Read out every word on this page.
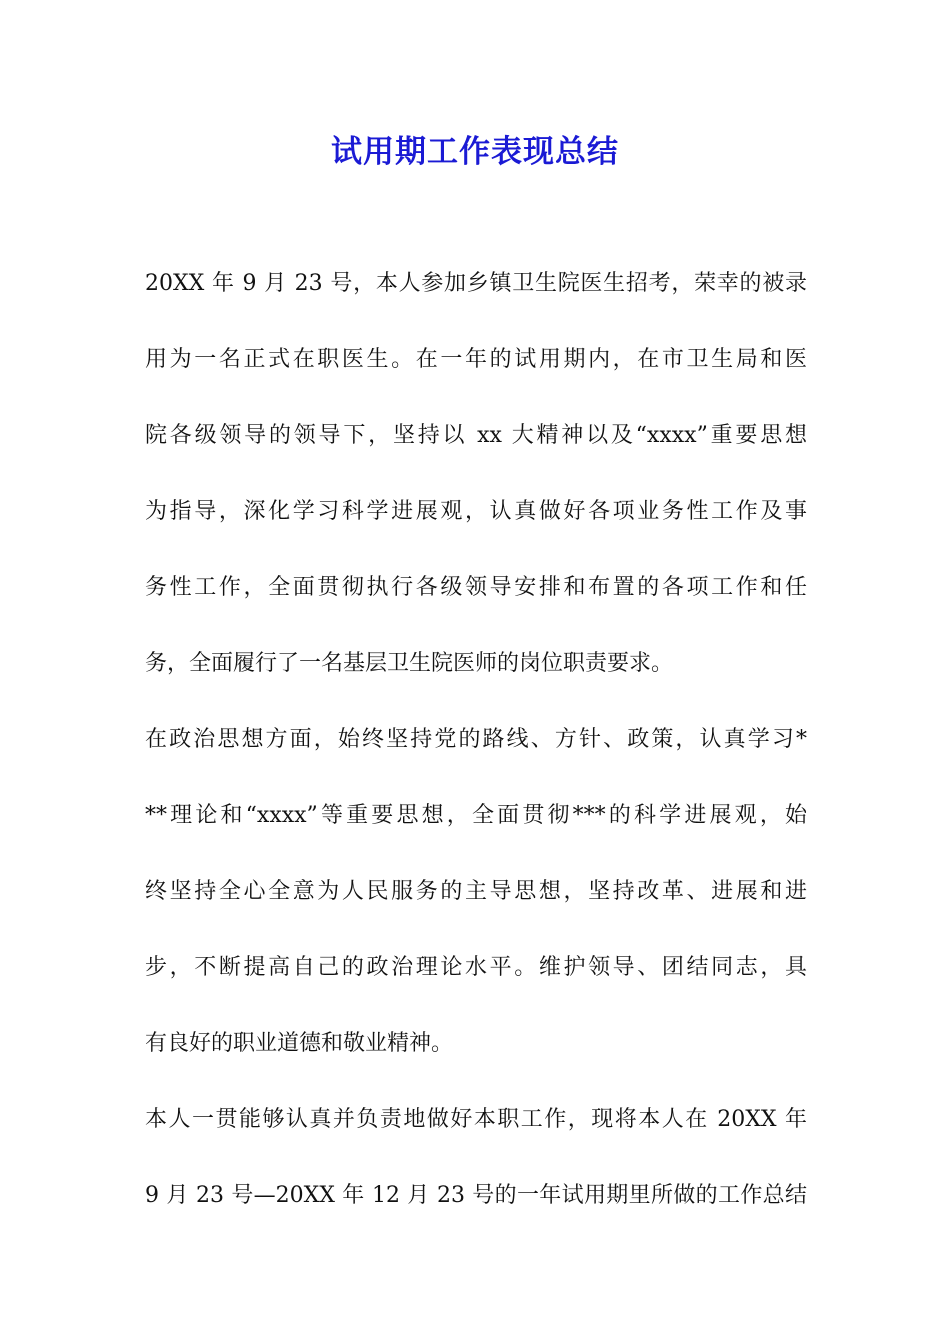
试用期工作表现总结
20XX 年 9 月 23 号，本人参加乡镇卫生院医生招考，荣幸的被录
用为一名正式在职医生。在一年的试用期内，在市卫生局和医
院各级领导的领导下，坚持以 xx 大精神以及“xxxx”重要思想
为指导，深化学习科学进展观，认真做好各项业务性工作及事
务性工作，全面贯彻执行各级领导安排和布置的各项工作和任
务，全面履行了一名基层卫生院医师的岗位职责要求。
在政治思想方面，始终坚持党的路线、方针、政策，认真学习*
**理论和“xxxx”等重要思想，全面贯彻***的科学进展观，始
终坚持全心全意为人民服务的主导思想，坚持改革、进展和进
步，不断提高自己的政治理论水平。维护领导、团结同志，具
有良好的职业道德和敬业精神。
本人一贯能够认真并负责地做好本职工作，现将本人在 20XX 年
9 月 23 号—20XX 年 12 月 23 号的一年试用期里所做的工作总结
